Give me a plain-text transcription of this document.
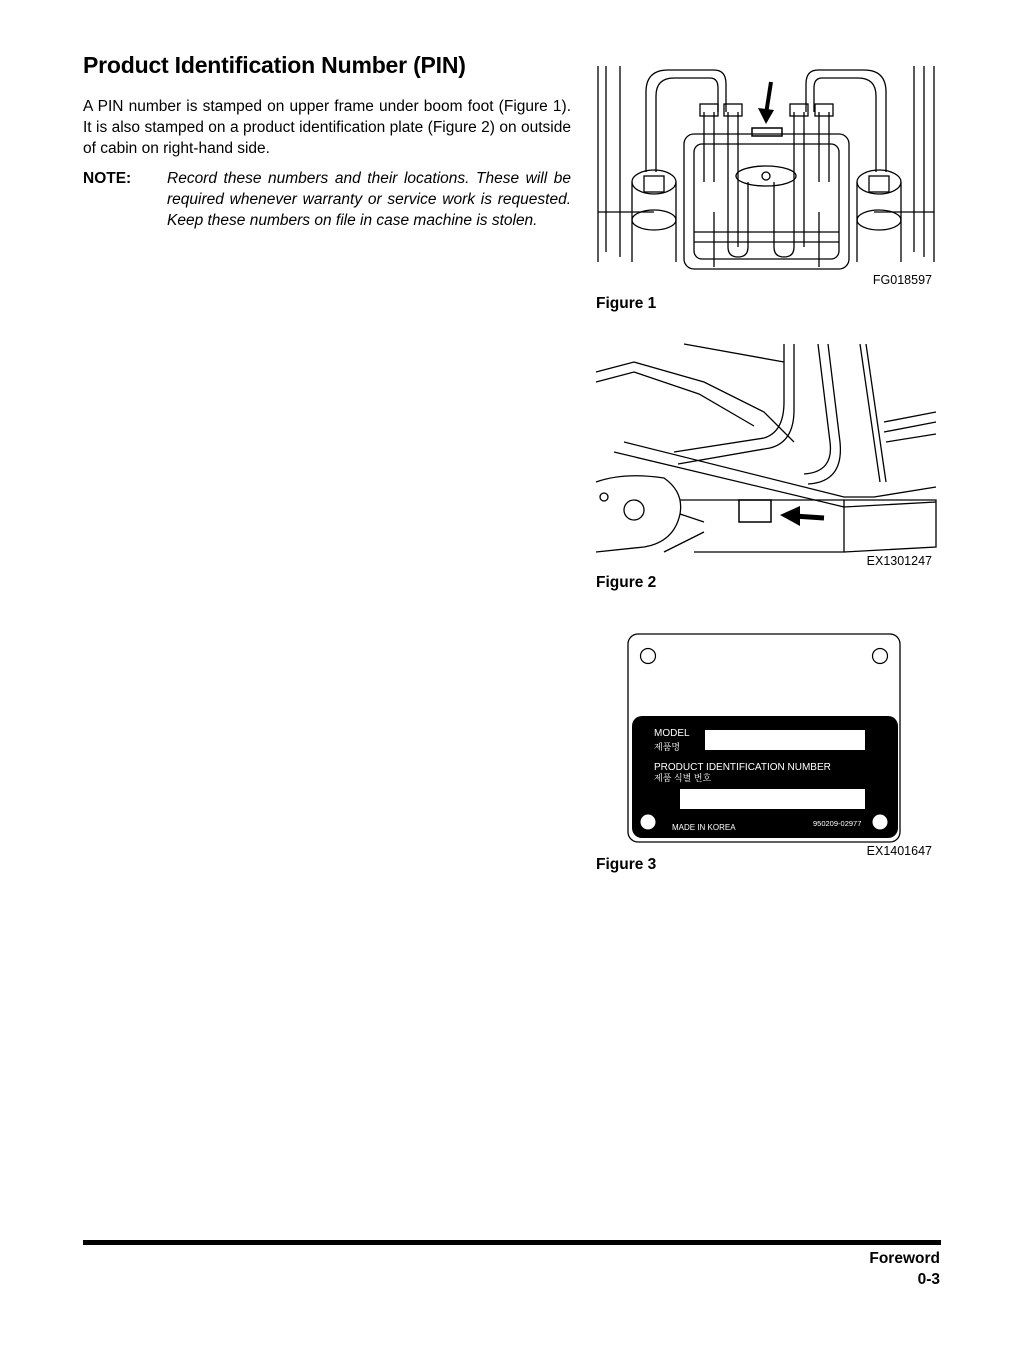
Product Identification Number (PIN)

A PIN number is stamped on upper frame under boom foot (Figure 1). It is also stamped on a product identification plate (Figure 2) on outside of cabin on right-hand side.

NOTE: Record these numbers and their locations. These will be required whenever warranty or service work is requested. Keep these numbers on file in case machine is stolen.

FG018597
Figure 1
EX1301247
Figure 2
MODEL
제품명
PRODUCT IDENTIFICATION NUMBER
제품 식별 번호
MADE IN KOREA	950209-02977
EX1401647
Figure 3
Foreword
0-3
